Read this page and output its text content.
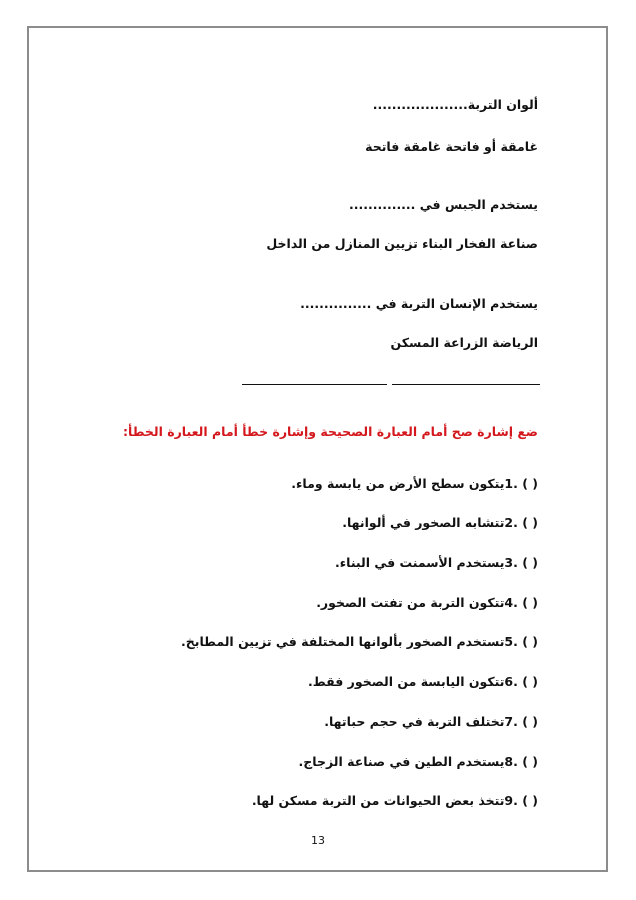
ألوان التربة....................
غامقة أو فاتحة غامقة فاتحة
يستخدم الجبس في ..............
صناعة الفخار البناء تزيين المنازل من الداخل
يستخدم الإنسان التربة في ...............
الرياضة الزراعة المسكن
ضع إشارة صح أمام العبارة الصحيحة وإشارة خطأ أمام العبارة الخطأ:
( ) .1يتكون سطح الأرض من يابسة وماء.
( ) .2تتشابه الصخور في ألوانها.
( ) .3يستخدم الأسمنت في البناء.
( ) .4تتكون التربة من تفتت الصخور.
( ) .5تستخدم الصخور بألوانها المختلفة في تزيين المطابخ.
( ) .6تتكون اليابسة من الصخور فقط.
( ) .7تختلف التربة في حجم حباتها.
( ) .8يستخدم الطين في صناعة الزجاج.
( ) .9تتخذ بعض الحيوانات من التربة مسكن لها.
13
